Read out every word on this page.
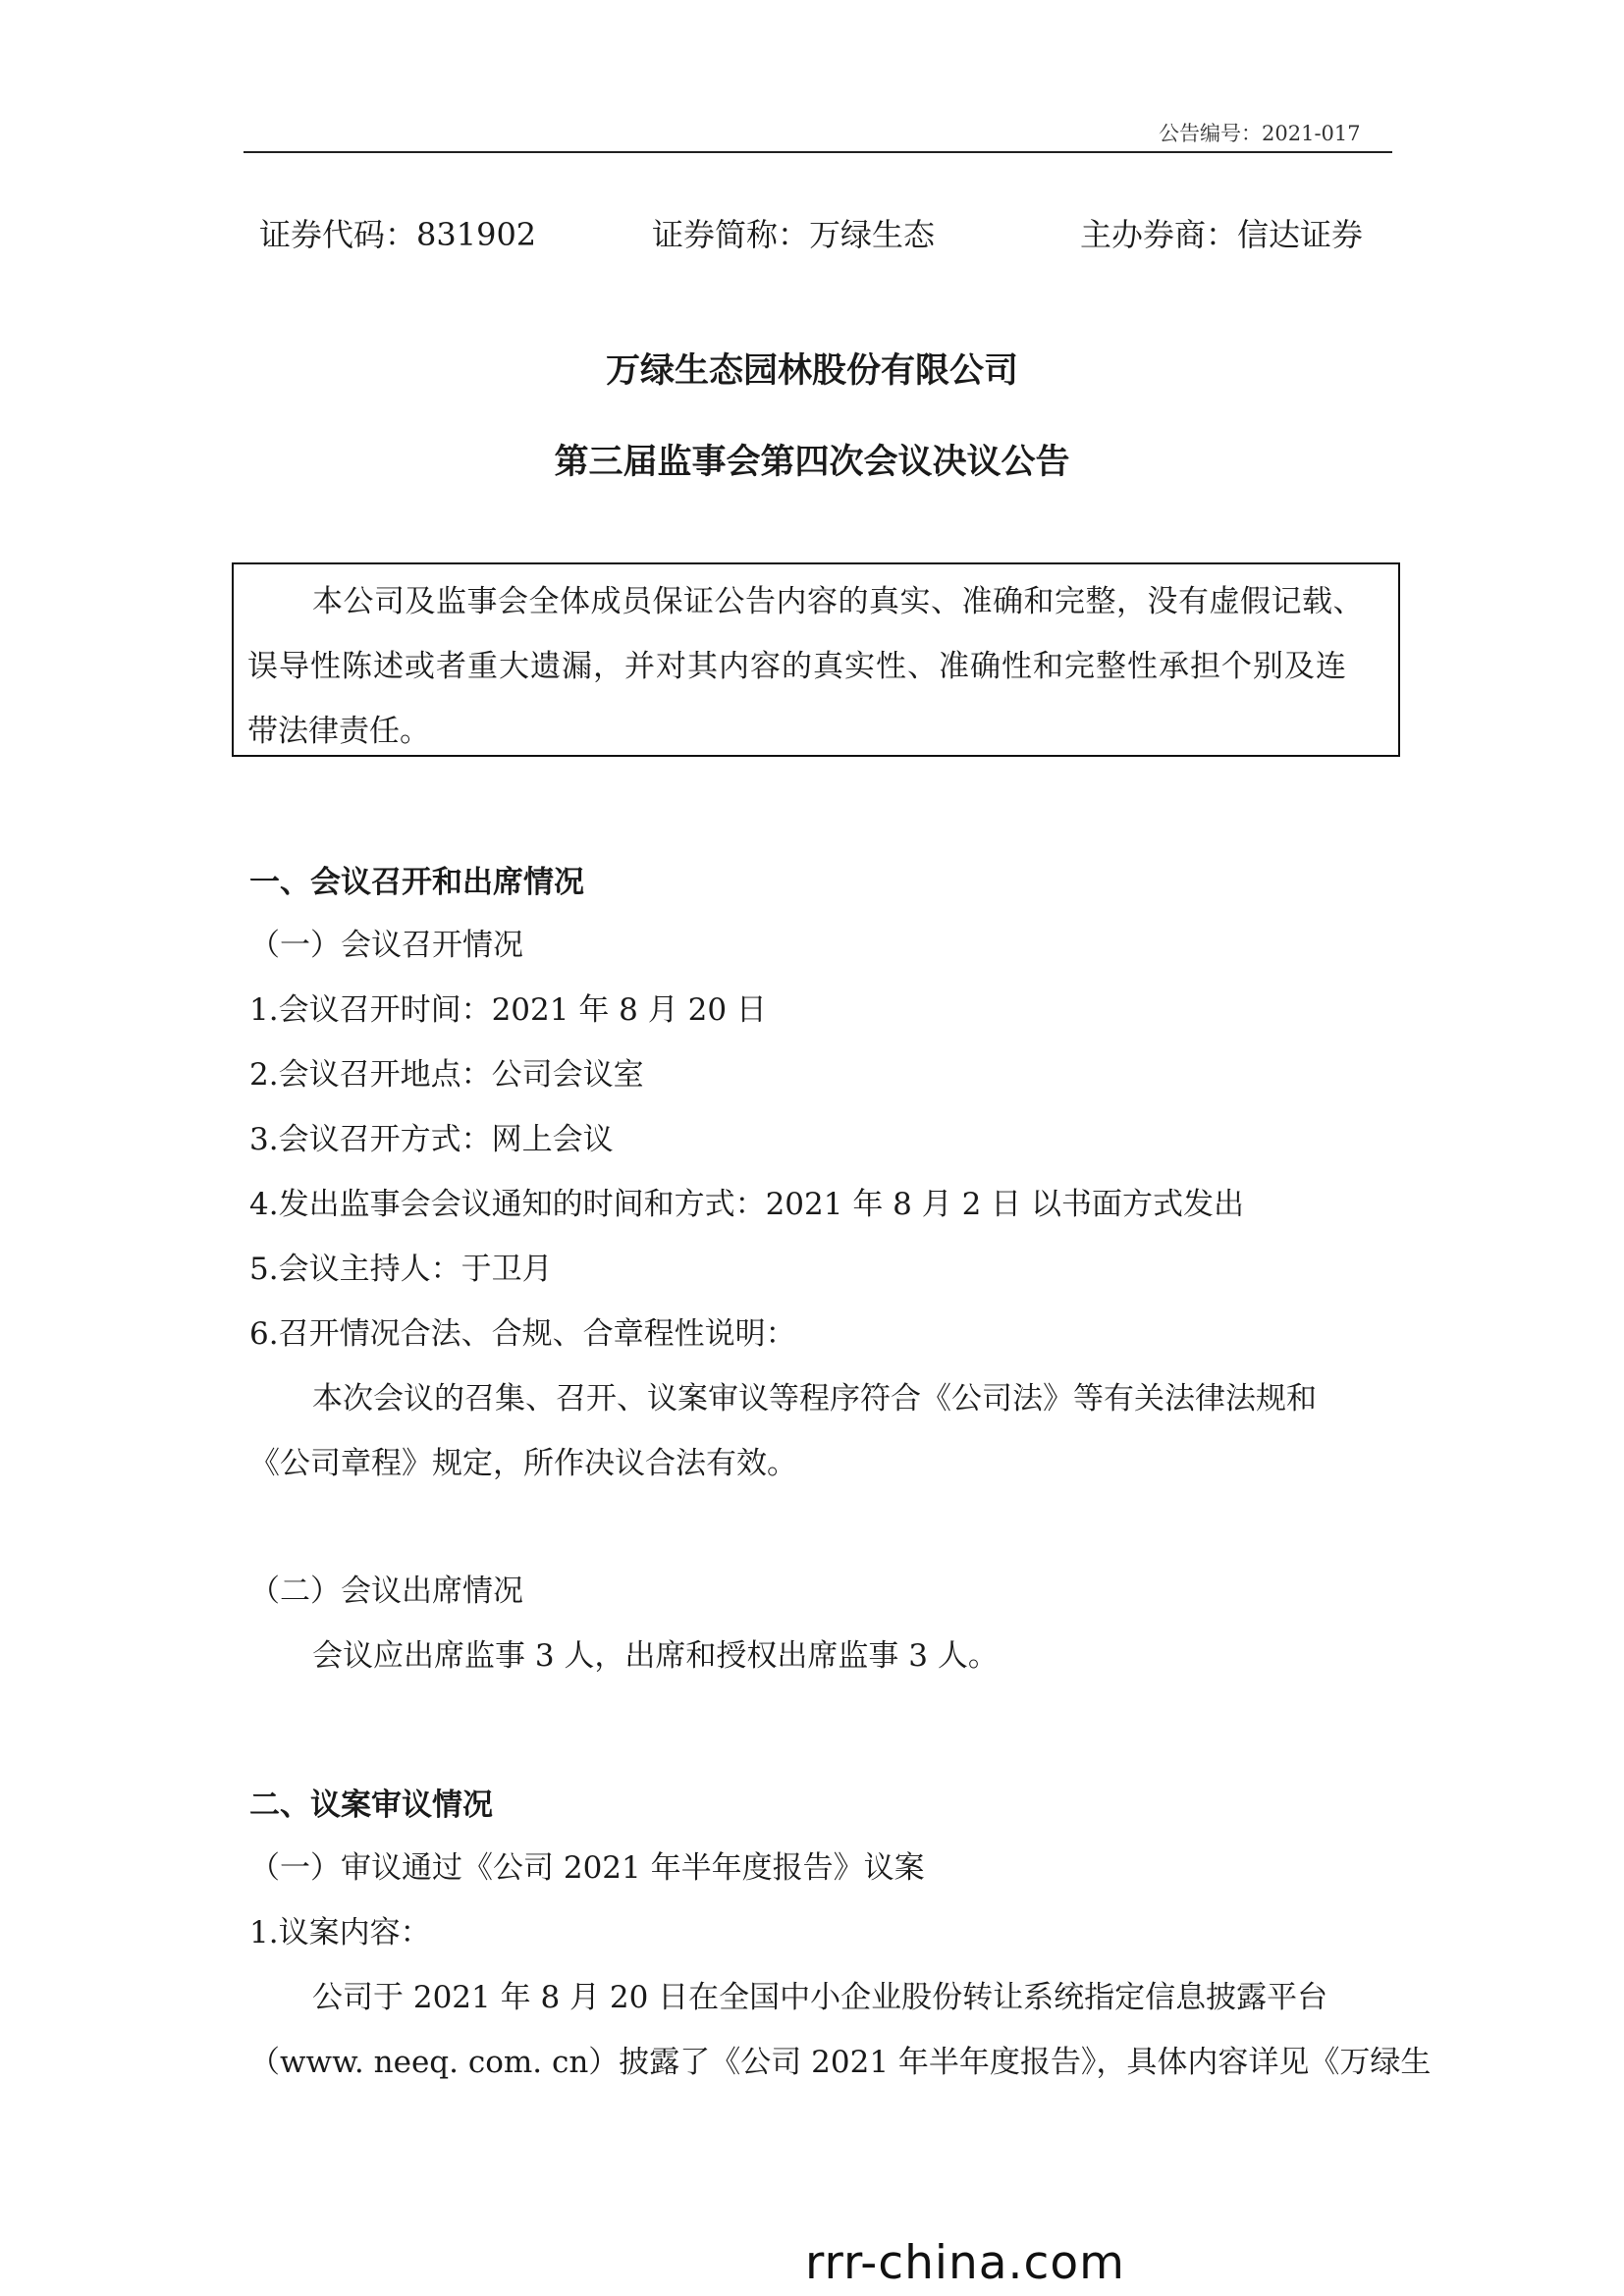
公告编号：2021-017
证券代码：831902	证券简称：万绿生态	主办券商：信达证券
万绿生态园林股份有限公司
第三届监事会第四次会议决议公告
本公司及监事会全体成员保证公告内容的真实、准确和完整，没有虚假记载、
误导性陈述或者重大遗漏，并对其内容的真实性、准确性和完整性承担个别及连
带法律责任。
一、会议召开和出席情况
（一）会议召开情况
1.会议召开时间：2021 年 8 月 20 日
2.会议召开地点：公司会议室
3.会议召开方式：网上会议
4.发出监事会会议通知的时间和方式：2021 年 8 月 2 日 以书面方式发出
5.会议主持人：于卫月
6.召开情况合法、合规、合章程性说明：
本次会议的召集、召开、议案审议等程序符合《公司法》等有关法律法规和
《公司章程》规定，所作决议合法有效。
（二）会议出席情况
会议应出席监事 3 人，出席和授权出席监事 3 人。
二、议案审议情况
（一）审议通过《公司 2021 年半年度报告》议案
1.议案内容：
公司于 2021 年 8 月 20 日在全国中小企业股份转让系统指定信息披露平台
（www. neeq. com. cn）披露了《公司 2021 年半年度报告》，具体内容详见《万绿生
rrr-china.com
